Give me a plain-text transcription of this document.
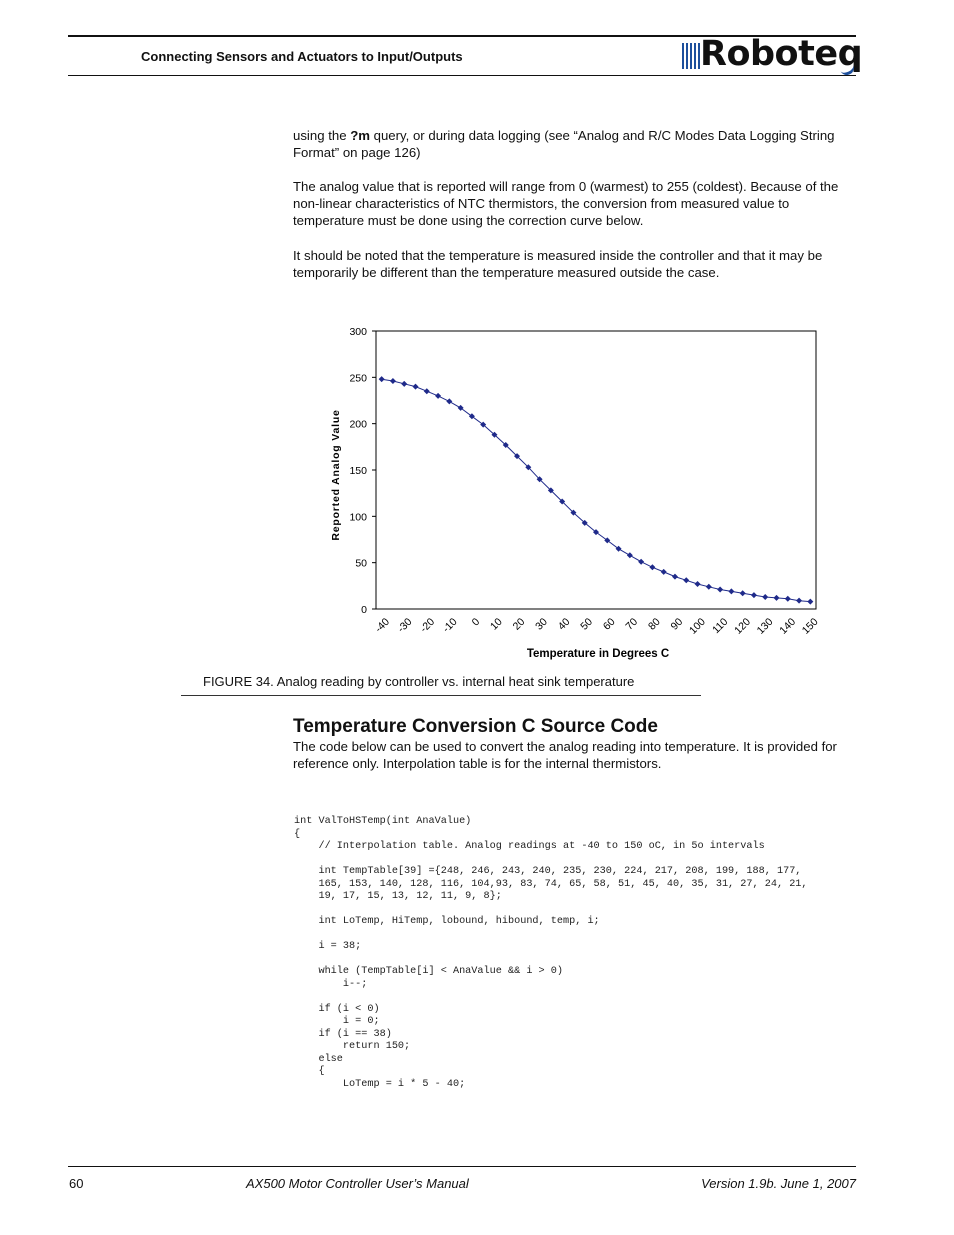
Connecting Sensors and Actuators to Input/Outputs	Roboteq

using the ?m query, or during data logging (see “Analog and R/C Modes Data Logging String Format” on page 126)

The analog value that is reported will range from 0 (warmest) to 255 (coldest). Because of the non-linear characteristics of NTC thermistors, the conversion from measured value to temperature must be done using the correction curve below.

It should be noted that the temperature is measured inside the controller and that it may be temporarily be different than the temperature measured outside the case.

0
50
100
150
200
250
300
-40 -30 -20 -10 0 10 20 30 40 50 60 70 80 90 100 110 120 130 140 150
Temperature in Degrees C
Reported Analog Value
FIGURE 34. Analog reading by controller vs. internal heat sink temperature
Temperature Conversion C Source Code

The code below can be used to convert the analog reading into temperature. It is provided for reference only. Interpolation table is for the internal thermistors.

int ValToHSTemp(int AnaValue)
{
// Interpolation table. Analog readings at -40 to 150 oC, in 5o intervals

int TempTable[39] ={248, 246, 243, 240, 235, 230, 224, 217, 208, 199, 188, 177,
165, 153, 140, 128, 116, 104,93, 83, 74, 65, 58, 51, 45, 40, 35, 31, 27, 24, 21,
19, 17, 15, 13, 12, 11, 9, 8};

int LoTemp, HiTemp, lobound, hibound, temp, i;

i = 38;

while (TempTable[i] < AnaValue && i > 0)
i--;

if (i < 0)
i = 0;
if (i == 38)
return 150;
else
{
LoTemp = i * 5 - 40;
60	AX500 Motor Controller User’s Manual	Version 1.9b. June 1, 2007
